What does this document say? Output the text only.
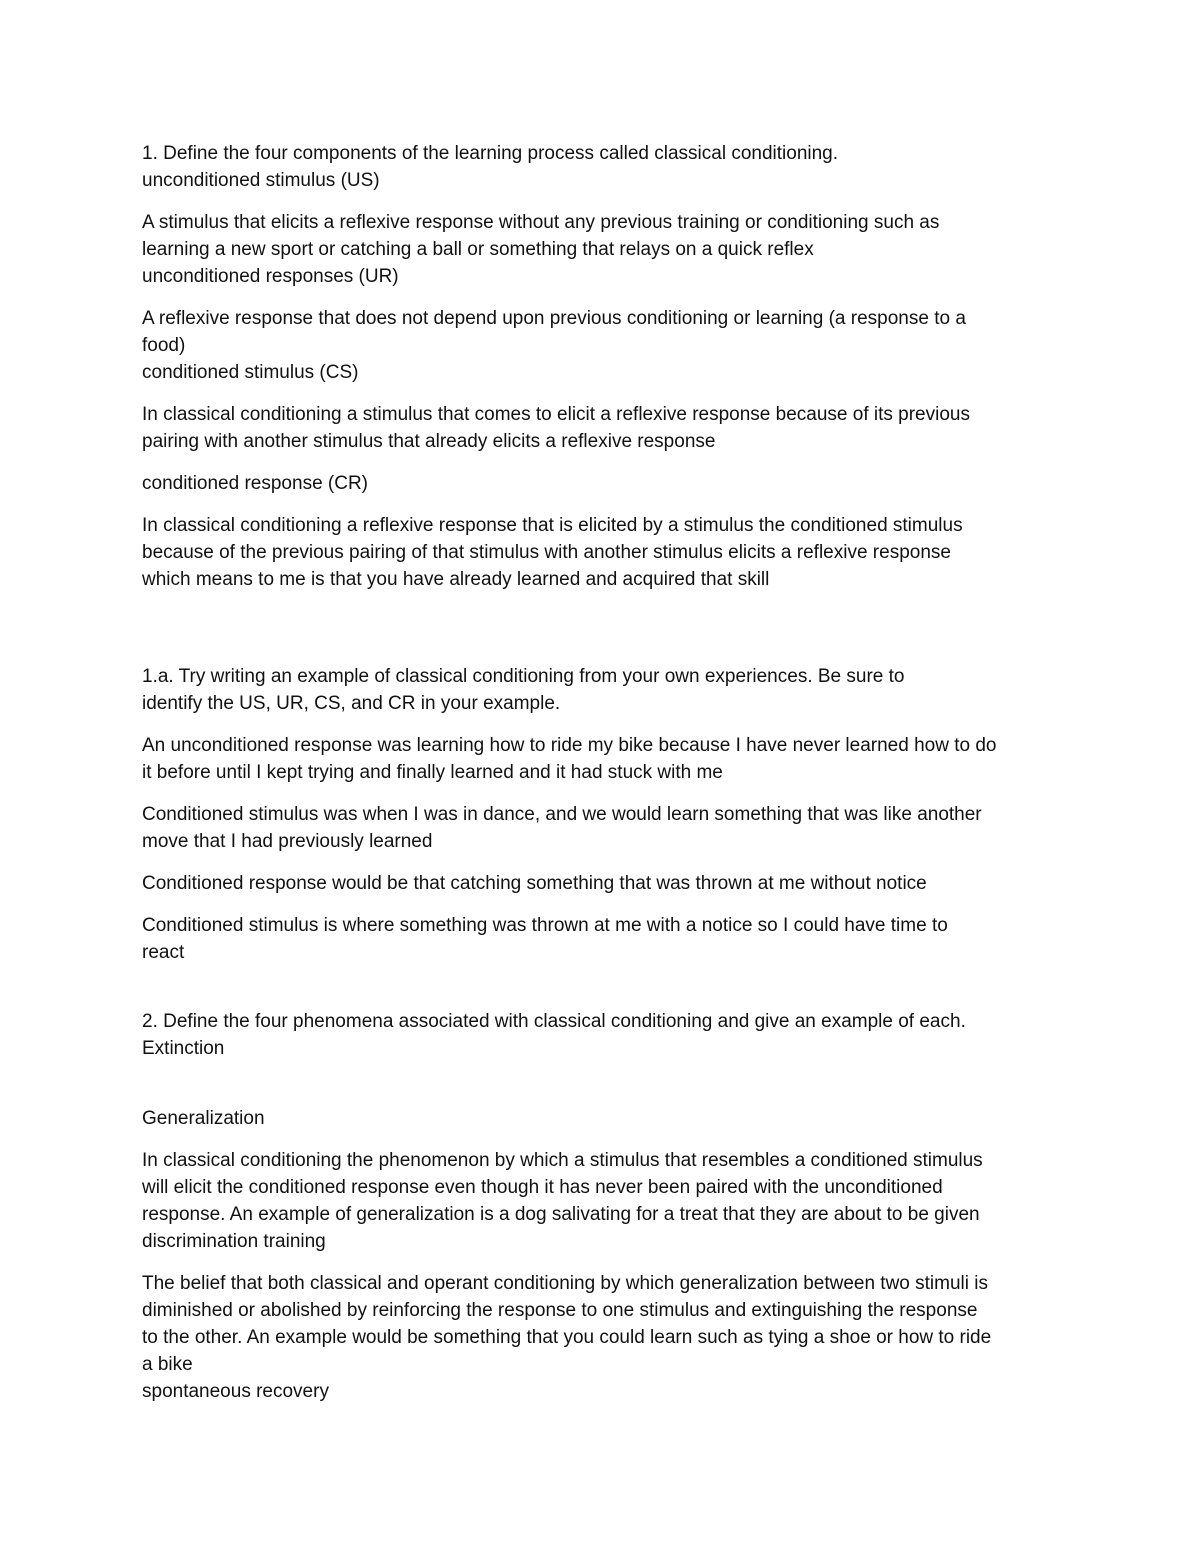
1. Define the four components of the learning process called classical conditioning.
unconditioned stimulus (US)
A stimulus that elicits a reflexive response without any previous training or conditioning such as
learning a new sport or catching a ball or something that relays on a quick reflex
unconditioned responses (UR)
A reflexive response that does not depend upon previous conditioning or learning (a response to a
food)
conditioned stimulus (CS)
In classical conditioning a stimulus that comes to elicit a reflexive response because of its previous
pairing with another stimulus that already elicits a reflexive response
conditioned response (CR)
In classical conditioning a reflexive response that is elicited by a stimulus the conditioned stimulus
because of the previous pairing of that stimulus with another stimulus elicits a reflexive response
which means to me is that you have already learned and acquired that skill
1.a. Try writing an example of classical conditioning from your own experiences. Be sure to
identify the US, UR, CS, and CR in your example.
An unconditioned response was learning how to ride my bike because I have never learned how to do
it before until I kept trying and finally learned and it had stuck with me
Conditioned stimulus was when I was in dance, and we would learn something that was like another
move that I had previously learned
Conditioned response would be that catching something that was thrown at me without notice
Conditioned stimulus is where something was thrown at me with a notice so I could have time to
react
2. Define the four phenomena associated with classical conditioning and give an example of each.
Extinction
Generalization
In classical conditioning the phenomenon by which a stimulus that resembles a conditioned stimulus
will elicit the conditioned response even though it has never been paired with the unconditioned
response. An example of generalization is a dog salivating for a treat that they are about to be given
discrimination training
The belief that both classical and operant conditioning by which generalization between two stimuli is
diminished or abolished by reinforcing the response to one stimulus and extinguishing the response
to the other. An example would be something that you could learn such as tying a shoe or how to ride
a bike
spontaneous recovery
